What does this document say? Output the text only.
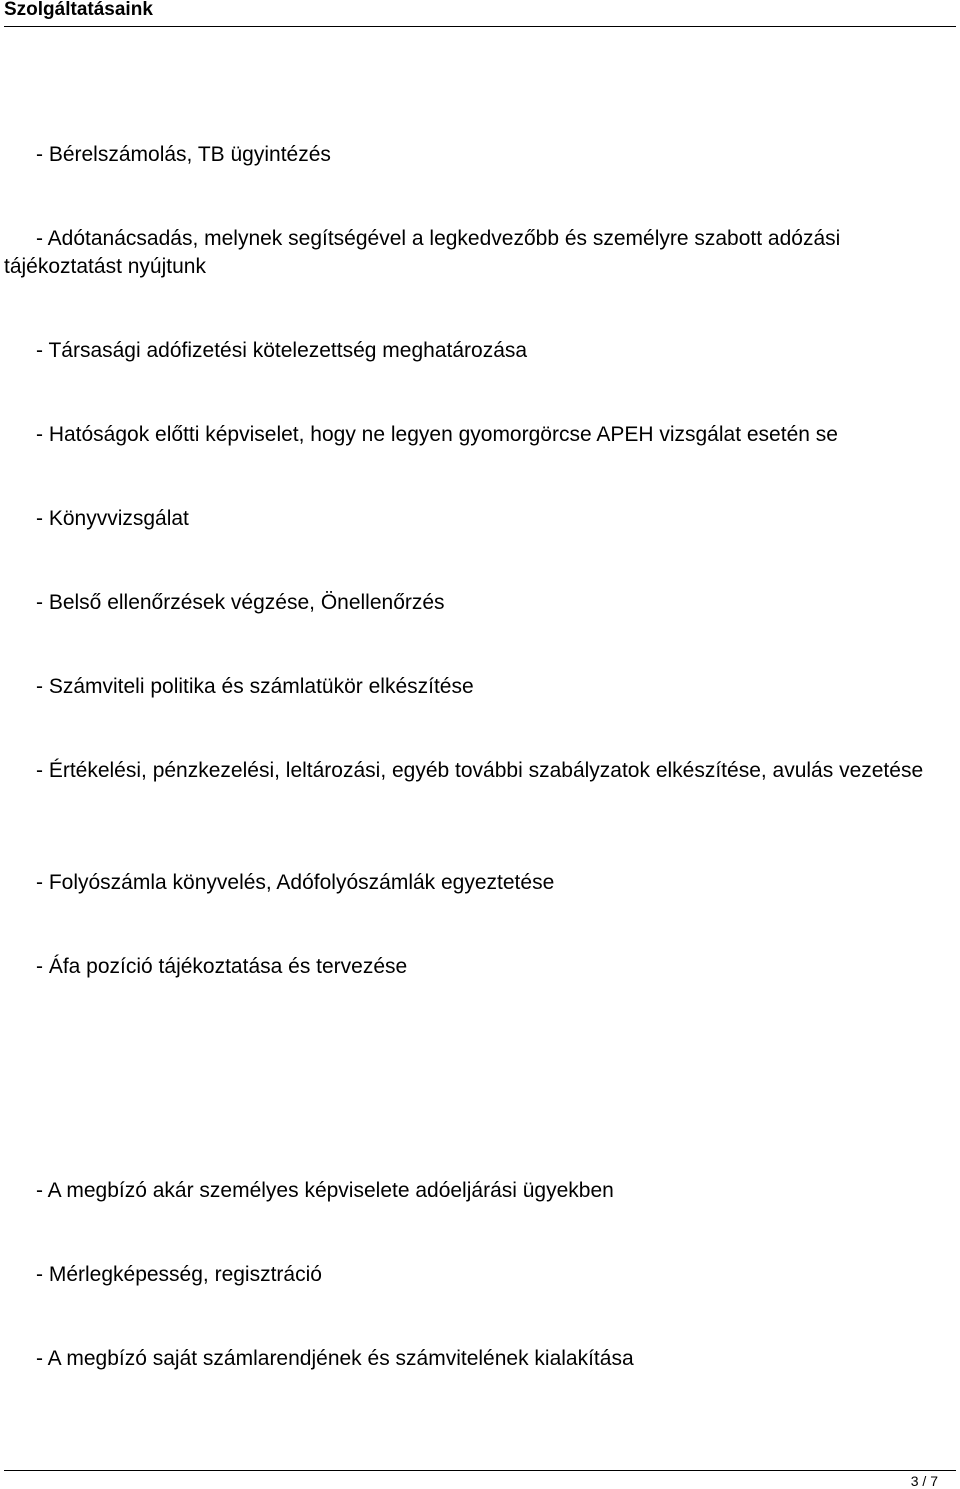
Szolgáltatásaink

- Bérelszámolás, TB ügyintézés

- Adótanácsadás, melynek segítségével a legkedvezőbb és személyre szabott adózási tájékoztatást nyújtunk

- Társasági adófizetési kötelezettség meghatározása

- Hatóságok előtti képviselet, hogy ne legyen gyomorgörcse APEH vizsgálat esetén se

- Könyvvizsgálat

- Belső ellenőrzések végzése, Önellenőrzés

- Számviteli politika és számlatükör elkészítése

- Értékelési, pénzkezelési, leltározási, egyéb további szabályzatok elkészítése, avulás vezetése

- Folyószámla könyvelés, Adófolyószámlák egyeztetése

- Áfa pozíció tájékoztatása és tervezése

- A megbízó akár személyes képviselete adóeljárási ügyekben

- Mérlegképesség, regisztráció

- A megbízó saját számlarendjének és számvitelének kialakítása

3 / 7
